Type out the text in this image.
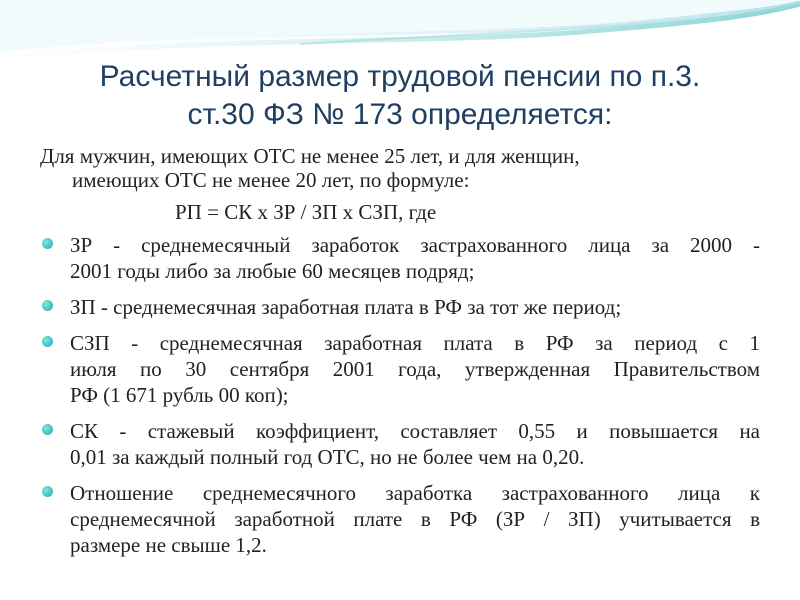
Расчетный размер трудовой пенсии по п.3.
ст.30 ФЗ № 173 определяется:
Для мужчин, имеющих ОТС не менее 25 лет, и для женщин,
имеющих ОТС не менее 20 лет, по формуле:
РП = СК х ЗР / ЗП х СЗП, где
ЗР - среднемесячный заработок застрахованного лица за 2000 -
2001 годы либо за любые 60 месяцев подряд;
ЗП - среднемесячная заработная плата в РФ за тот же период;
СЗП - среднемесячная заработная плата в РФ за период с 1
июля по 30 сентября 2001 года, утвержденная Правительством
РФ (1 671 рубль 00 коп);
СК - стажевый коэффициент, составляет 0,55 и повышается на
0,01 за каждый полный год ОТС, но не более чем на 0,20.
Отношение среднемесячного заработка застрахованного лица к
среднемесячной заработной плате в РФ (ЗР / ЗП) учитывается в
размере не свыше 1,2.
